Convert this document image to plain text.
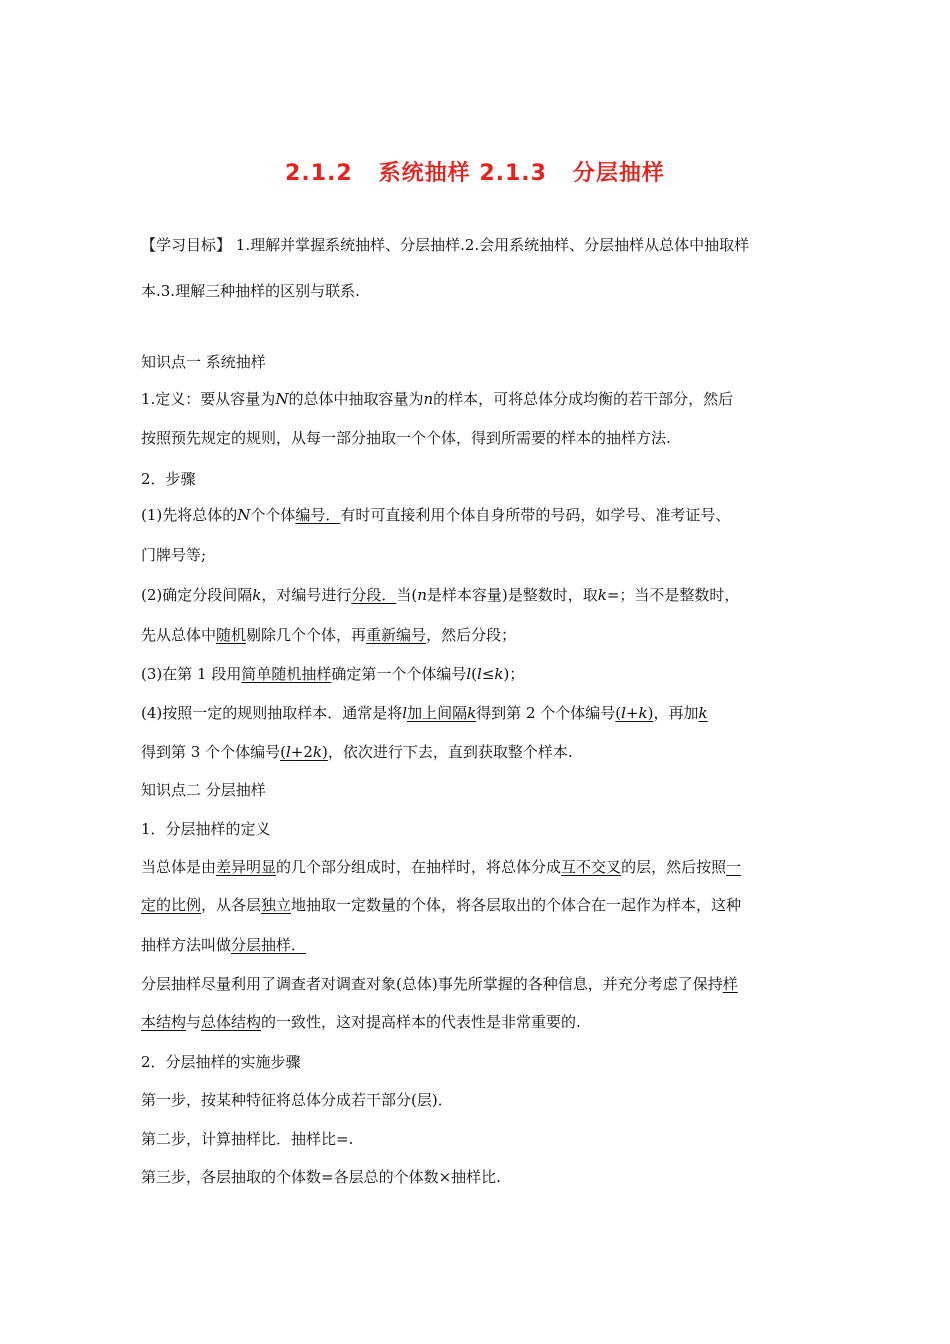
2.1.2   系统抽样 2.1.3   分层抽样
【学习目标】 1.理解并掌握系统抽样、分层抽样.2.会用系统抽样、分层抽样从总体中抽取样
本.3.理解三种抽样的区别与联系.
知识点一 系统抽样
1.定义：要从容量为N的总体中抽取容量为n的样本，可将总体分成均衡的若干部分，然后
按照预先规定的规则，从每一部分抽取一个个体，得到所需要的样本的抽样方法.
2．步骤
(1)先将总体的N个个体编号．有时可直接利用个体自身所带的号码，如学号、准考证号、
门牌号等;
(2)确定分段间隔k，对编号进行分段．当(n是样本容量)是整数时，取k=；当不是整数时，
先从总体中随机剔除几个个体，再重新编号，然后分段；
(3)在第 1 段用简单随机抽样确定第一个个体编号l(l≤k)；
(4)按照一定的规则抽取样本．通常是将l加上间隔k得到第 2 个个体编号(l+k)，再加k
得到第 3 个个体编号(l+2k)，依次进行下去，直到获取整个样本.
知识点二 分层抽样
1．分层抽样的定义
当总体是由差异明显的几个部分组成时，在抽样时，将总体分成互不交叉的层，然后按照一
定的比例，从各层独立地抽取一定数量的个体，将各层取出的个体合在一起作为样本，这种
抽样方法叫做分层抽样．
分层抽样尽量利用了调查者对调查对象(总体)事先所掌握的各种信息，并充分考虑了保持样
本结构与总体结构的一致性，这对提高样本的代表性是非常重要的.
2．分层抽样的实施步骤
第一步，按某种特征将总体分成若干部分(层)．
第二步，计算抽样比．抽样比=.
第三步，各层抽取的个体数=各层总的个体数×抽样比.
